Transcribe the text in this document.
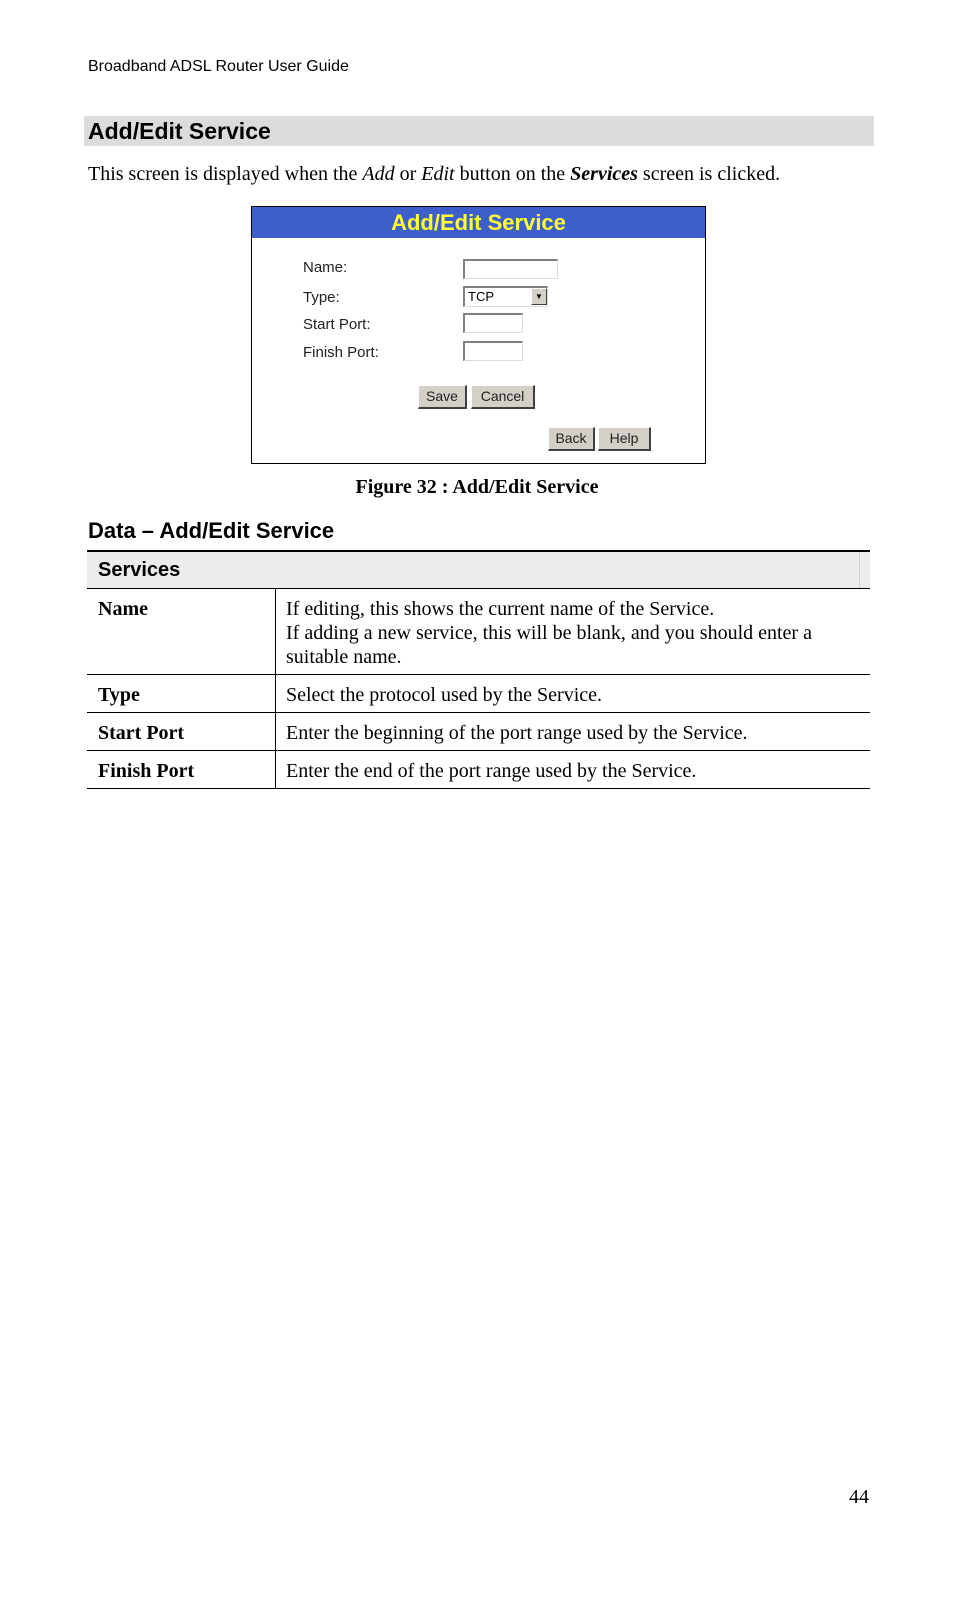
Broadband ADSL Router User Guide
Add/Edit Service
This screen is displayed when the Add or Edit button on the Services screen is clicked.
Add/Edit Service
Name:
Type:	TCP	▼
Start Port:
Finish Port:
Save	Cancel
Back	Help
Figure 32 : Add/Edit Service
Data – Add/Edit Service
Services
Name	If editing, this shows the current name of the Service.
If adding a new service, this will be blank, and you should enter a suitable name.
Type	Select the protocol used by the Service.
Start Port	Enter the beginning of the port range used by the Service.
Finish Port	Enter the end of the port range used by the Service.
44
